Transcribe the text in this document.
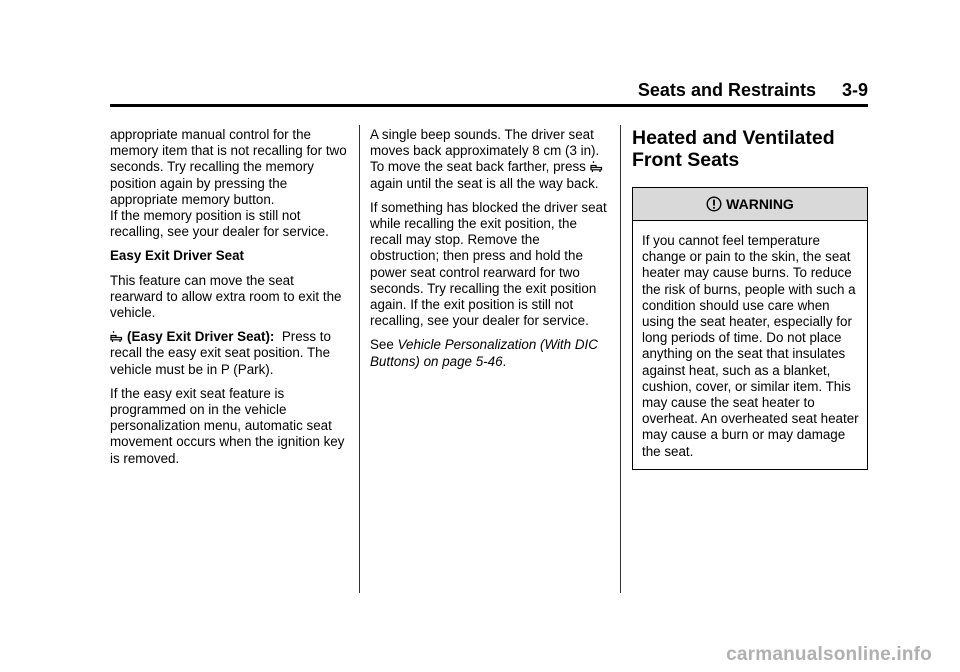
Seats and Restraints 3-9

appropriate manual control for the memory item that is not recalling for two seconds. Try recalling the memory position again by pressing the appropriate memory button.
If the memory position is still not recalling, see your dealer for service.

Easy Exit Driver Seat

This feature can move the seat rearward to allow extra room to exit the vehicle.

(Easy Exit Driver Seat): Press to recall the easy exit seat position. The vehicle must be in P (Park).

If the easy exit seat feature is programmed on in the vehicle personalization menu, automatic seat movement occurs when the ignition key is removed.

A single beep sounds. The driver seat moves back approximately 8 cm (3 in). To move the seat back farther, press
again until the seat is all the way back.

If something has blocked the driver seat while recalling the exit position, the recall may stop. Remove the obstruction; then press and hold the power seat control rearward for two seconds. Try recalling the exit position again. If the exit position is still not recalling, see your dealer for service.

See Vehicle Personalization (With DIC Buttons) on page 5-46.

Heated and Ventilated
Front Seats
WARNING
If you cannot feel temperature change or pain to the skin, the seat heater may cause burns. To reduce the risk of burns, people with such a condition should use care when using the seat heater, especially for long periods of time. Do not place anything on the seat that insulates against heat, such as a blanket, cushion, cover, or similar item. This may cause the seat heater to overheat. An overheated seat heater may cause a burn or may damage the seat.
carmanualsonline.info
